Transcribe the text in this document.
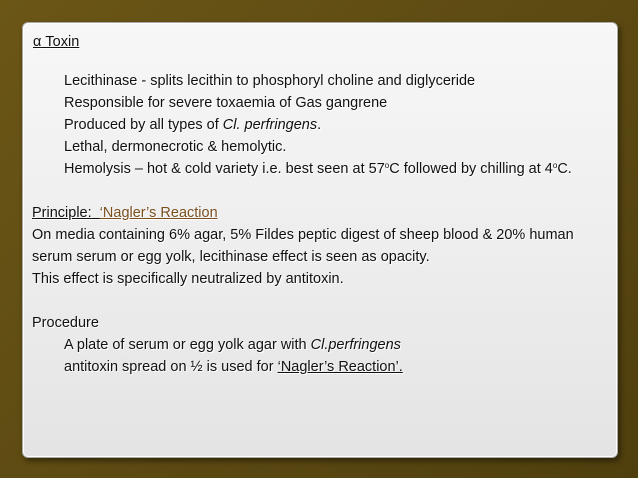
α Toxin
Lecithinase - splits lecithin to phosphoryl choline and diglyceride
Responsible for severe toxaemia of Gas gangrene
Produced by all types of Cl. perfringens.
Lethal, dermonecrotic & hemolytic.
Hemolysis – hot & cold variety i.e. best seen at 57$^o$C followed by chilling at 4$^o$C.
Principle: ‘Nagler’s Reaction
On media containing 6% agar, 5% Fildes peptic digest of sheep blood & 20% human
serum serum or egg yolk, lecithinase effect is seen as opacity.
This effect is specifically neutralized by antitoxin.
Procedure
A plate of serum or egg yolk agar with Cl.perfringens
antitoxin spread on ½ is used for ‘Nagler’s Reaction’.
